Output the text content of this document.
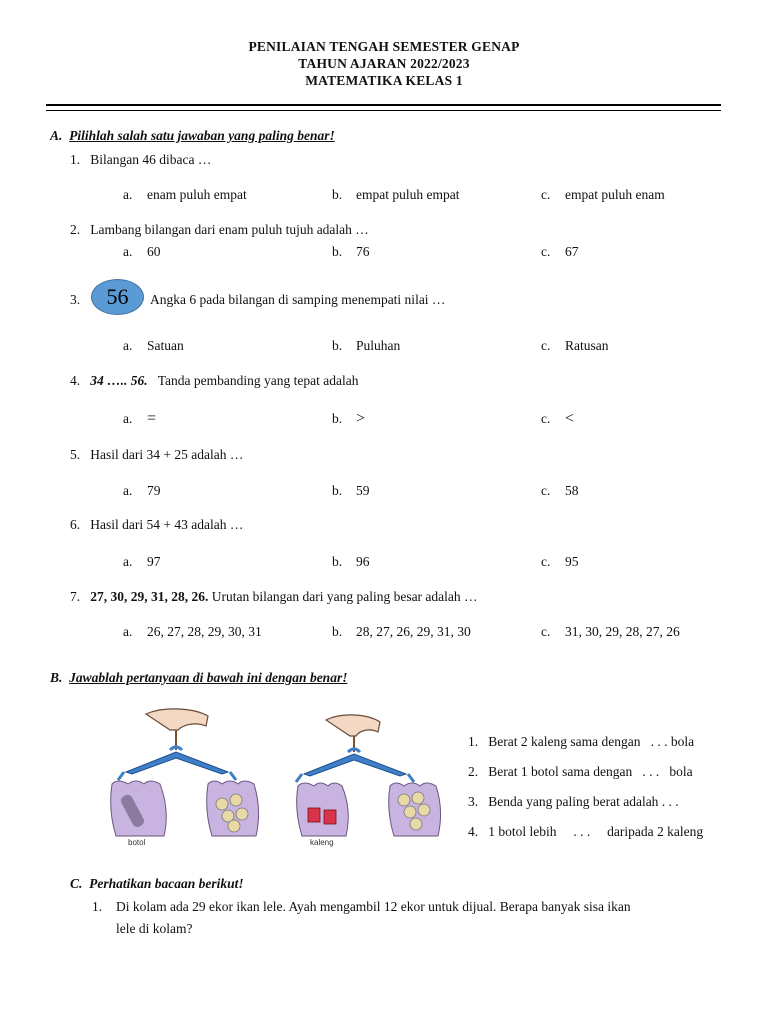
PENILAIAN TENGAH SEMESTER GENAP
TAHUN AJARAN 2022/2023
MATEMATIKA KELAS 1
A. Pilihlah salah satu jawaban yang paling benar!
1. Bilangan 46 dibaca …
a. enam puluh empat	b. empat puluh empat	c. empat puluh enam
2. Lambang bilangan dari enam puluh tujuh adalah …
a. 60	b. 76	c. 67
3.	56	Angka 6 pada bilangan di samping menempati nilai …
a. Satuan	b. Puluhan	c. Ratusan
4. 34 ….. 56. Tanda pembanding yang tepat adalah
a. =	b. >	c. <
5. Hasil dari 34 + 25 adalah …
a. 79	b. 59	c. 58
6. Hasil dari 54 + 43 adalah …
a. 97	b. 96	c. 95
7. 27, 30, 29, 31, 28, 26. Urutan bilangan dari yang paling besar adalah …
a. 26, 27, 28, 29, 30, 31	b. 28, 27, 26, 29, 31, 30	c. 31, 30, 29, 28, 27, 26
B. Jawablah pertanyaan di bawah ini dengan benar!
botol	kaleng
1. Berat 2 kaleng sama dengan   . . . bola
2. Berat 1 botol sama dengan   . . .   bola
3. Benda yang paling berat adalah . . .
4. 1 botol lebih     . . .     daripada 2 kaleng
C. Perhatikan bacaan berikut!
1. Di kolam ada 29 ekor ikan lele. Ayah mengambil 12 ekor untuk dijual. Berapa banyak sisa ikan
lele di kolam?
